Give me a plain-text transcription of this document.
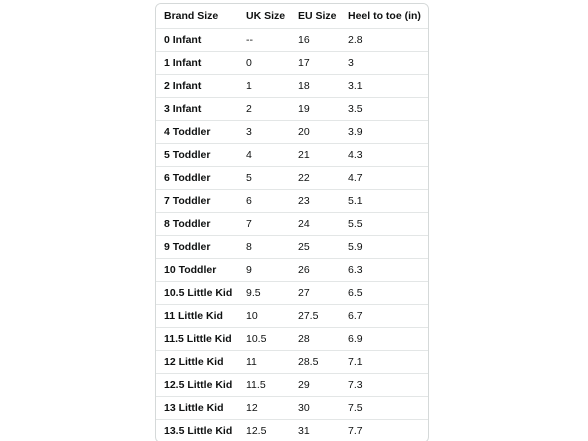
Brand Size	UK Size	EU Size	Heel to toe (in)
0 Infant	--	16	2.8
1 Infant	0	17	3
2 Infant	1	18	3.1
3 Infant	2	19	3.5
4 Toddler	3	20	3.9
5 Toddler	4	21	4.3
6 Toddler	5	22	4.7
7 Toddler	6	23	5.1
8 Toddler	7	24	5.5
9 Toddler	8	25	5.9
10 Toddler	9	26	6.3
10.5 Little Kid	9.5	27	6.5
11 Little Kid	10	27.5	6.7
11.5 Little Kid	10.5	28	6.9
12 Little Kid	11	28.5	7.1
12.5 Little Kid	11.5	29	7.3
13 Little Kid	12	30	7.5
13.5 Little Kid	12.5	31	7.7
